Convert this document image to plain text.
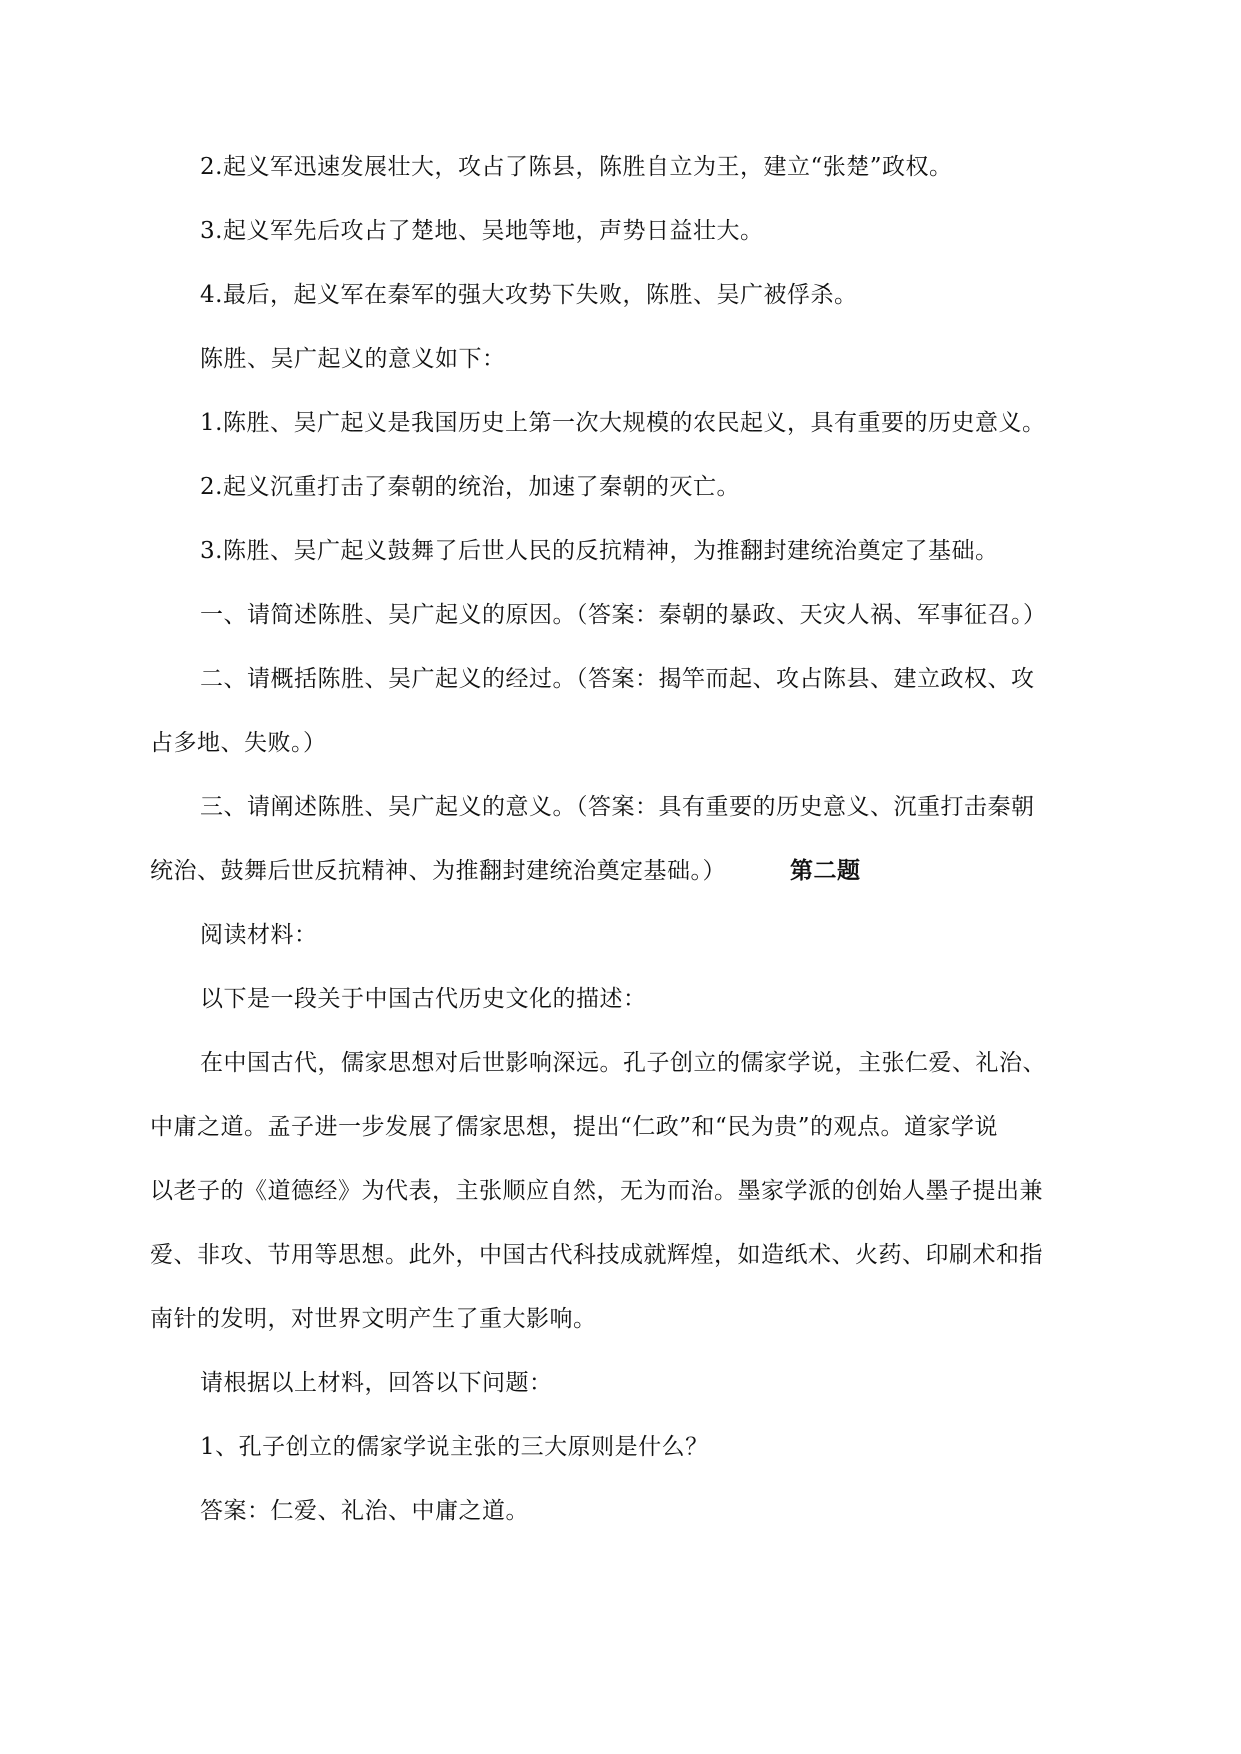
2.起义军迅速发展壮大，攻占了陈县，陈胜自立为王，建立“张楚”政权。
3.起义军先后攻占了楚地、吴地等地，声势日益壮大。
4.最后，起义军在秦军的强大攻势下失败，陈胜、吴广被俘杀。
陈胜、吴广起义的意义如下：
1.陈胜、吴广起义是我国历史上第一次大规模的农民起义，具有重要的历史意义。
2.起义沉重打击了秦朝的统治，加速了秦朝的灭亡。
3.陈胜、吴广起义鼓舞了后世人民的反抗精神，为推翻封建统治奠定了基础。
一、请简述陈胜、吴广起义的原因。（答案：秦朝的暴政、天灾人祸、军事征召。）
二、请概括陈胜、吴广起义的经过。（答案：揭竿而起、攻占陈县、建立政权、攻
占多地、失败。）
三、请阐述陈胜、吴广起义的意义。（答案：具有重要的历史意义、沉重打击秦朝
统治、鼓舞后世反抗精神、为推翻封建统治奠定基础。）	第二题
阅读材料：
以下是一段关于中国古代历史文化的描述：
在中国古代，儒家思想对后世影响深远。孔子创立的儒家学说，主张仁爱、礼治、
中庸之道。孟子进一步发展了儒家思想，提出“仁政”和“民为贵”的观点。道家学说
以老子的《道德经》为代表，主张顺应自然，无为而治。墨家学派的创始人墨子提出兼
爱、非攻、节用等思想。此外，中国古代科技成就辉煌，如造纸术、火药、印刷术和指
南针的发明，对世界文明产生了重大影响。
请根据以上材料，回答以下问题：
1、孔子创立的儒家学说主张的三大原则是什么？
答案：仁爱、礼治、中庸之道。
